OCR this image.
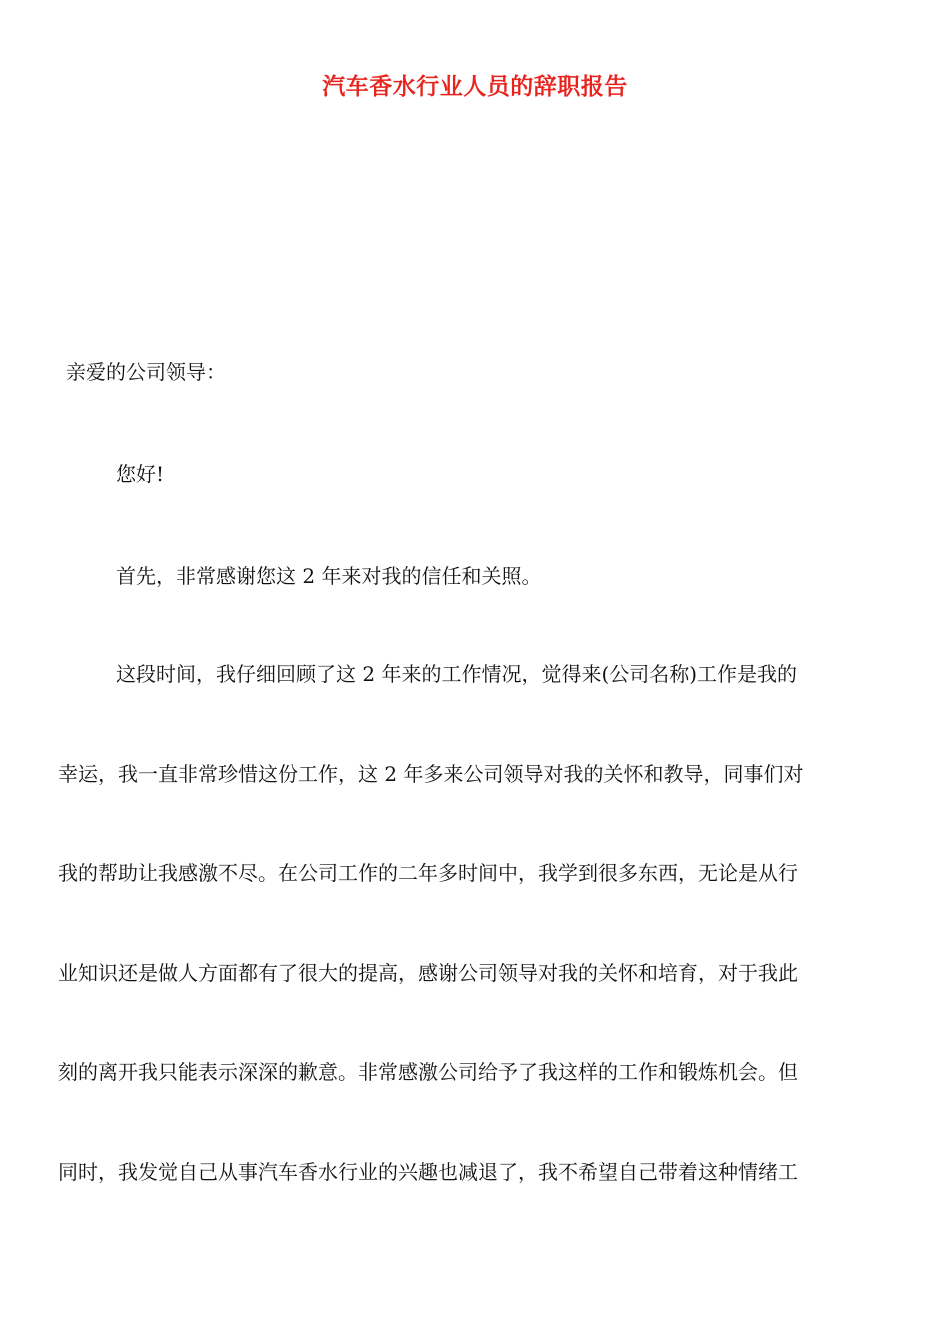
汽车香水行业人员的辞职报告
亲爱的公司领导：
您好!
首先，非常感谢您这 2 年来对我的信任和关照。
这段时间，我仔细回顾了这 2 年来的工作情况，觉得来(公司名称)工作是我的
幸运，我一直非常珍惜这份工作，这 2 年多来公司领导对我的关怀和教导，同事们对
我的帮助让我感激不尽。在公司工作的二年多时间中，我学到很多东西，无论是从行
业知识还是做人方面都有了很大的提高，感谢公司领导对我的关怀和培育，对于我此
刻的离开我只能表示深深的歉意。非常感激公司给予了我这样的工作和锻炼机会。但
同时，我发觉自己从事汽车香水行业的兴趣也减退了，我不希望自己带着这种情绪工
